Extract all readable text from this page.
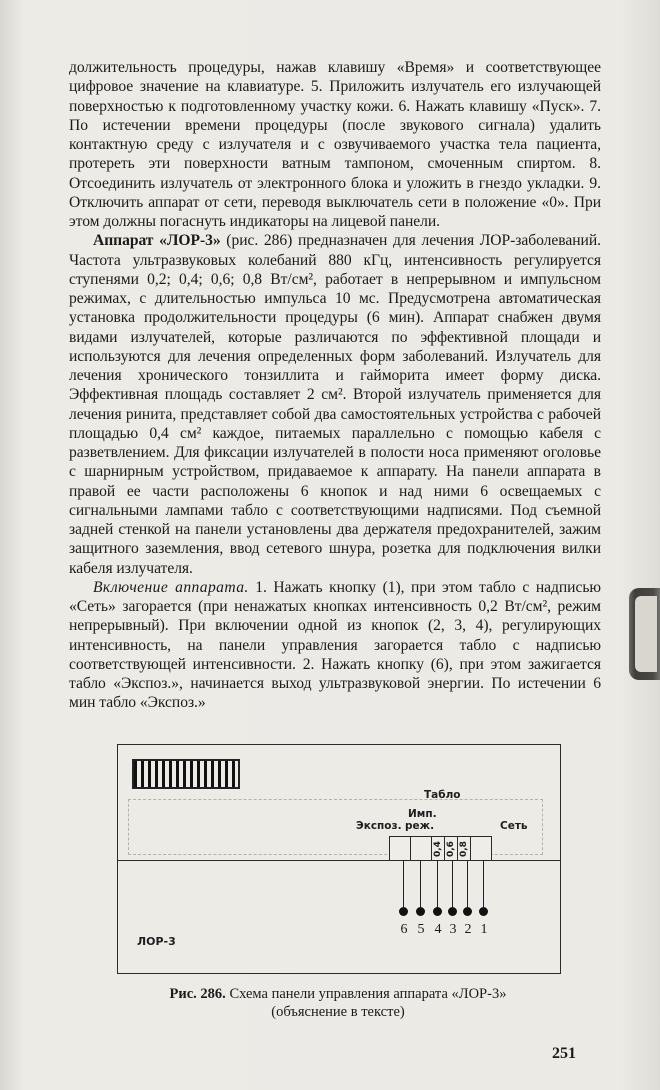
должительность процедуры, нажав клавишу «Время» и соответствующее цифровое значение на клавиатуре. 5. Приложить излучатель его излучающей поверхностью к подготовленному участку кожи. 6. Нажать клавишу «Пуск». 7. По истечении времени процедуры (после звукового сигнала) удалить контактную среду с излучателя и с озвучиваемого участка тела пациента, протереть эти поверхности ватным тампоном, смоченным спиртом. 8. Отсоединить излучатель от электронного блока и уложить в гнездо укладки. 9. Отключить аппарат от сети, переводя выключатель сети в положение «0». При этом должны погаснуть индикаторы на лицевой панели.

Аппарат «ЛОР-3» (рис. 286) предназначен для лечения ЛОР-заболеваний. Частота ультразвуковых колебаний 880 кГц, интенсивность регулируется ступенями 0,2; 0,4; 0,6; 0,8 Вт/см², работает в непрерывном и импульсном режимах, с длительностью импульса 10 мс. Предусмотрена автоматическая установка продолжительности процедуры (6 мин). Аппарат снабжен двумя видами излучателей, которые различаются по эффективной площади и используются для лечения определенных форм заболеваний. Излучатель для лечения хронического тонзиллита и гайморита имеет форму диска. Эффективная площадь составляет 2 см². Второй излучатель применяется для лечения ринита, представляет собой два самостоятельных устройства с рабочей площадью 0,4 см² каждое, питаемых параллельно с помощью кабеля с разветвлением. Для фиксации излучателей в полости носа применяют оголовье с шарнирным устройством, придаваемое к аппарату. На панели аппарата в правой ее части расположены 6 кнопок и над ними 6 освещаемых с сигнальными лампами табло с соответствующими надписями. Под съемной задней стенкой на панели установлены два держателя предохранителей, зажим защитного заземления, ввод сетевого шнура, розетка для подключения вилки кабеля излучателя.

Включение аппарата. 1. Нажать кнопку (1), при этом табло с надписью «Сеть» загорается (при ненажатых кнопках интенсивность 0,2 Вт/см², режим непрерывный). При включении одной из кнопок (2, 3, 4), регулирующих интенсивность, на панели управления загорается табло с надписью соответствующей интенсивности. 2. Нажать кнопку (6), при этом зажигается табло «Экспоз.», начинается выход ультразвуковой энергии. По истечении 6 мин табло «Экспоз.»

Табло
Имп.
Экспоз. реж.	Сеть
0,4 0,6 0,8
6 5 4 3 2 1
ЛОР-3
Рис. 286. Схема панели управления аппарата «ЛОР-3»
(объяснение в тексте)
251
